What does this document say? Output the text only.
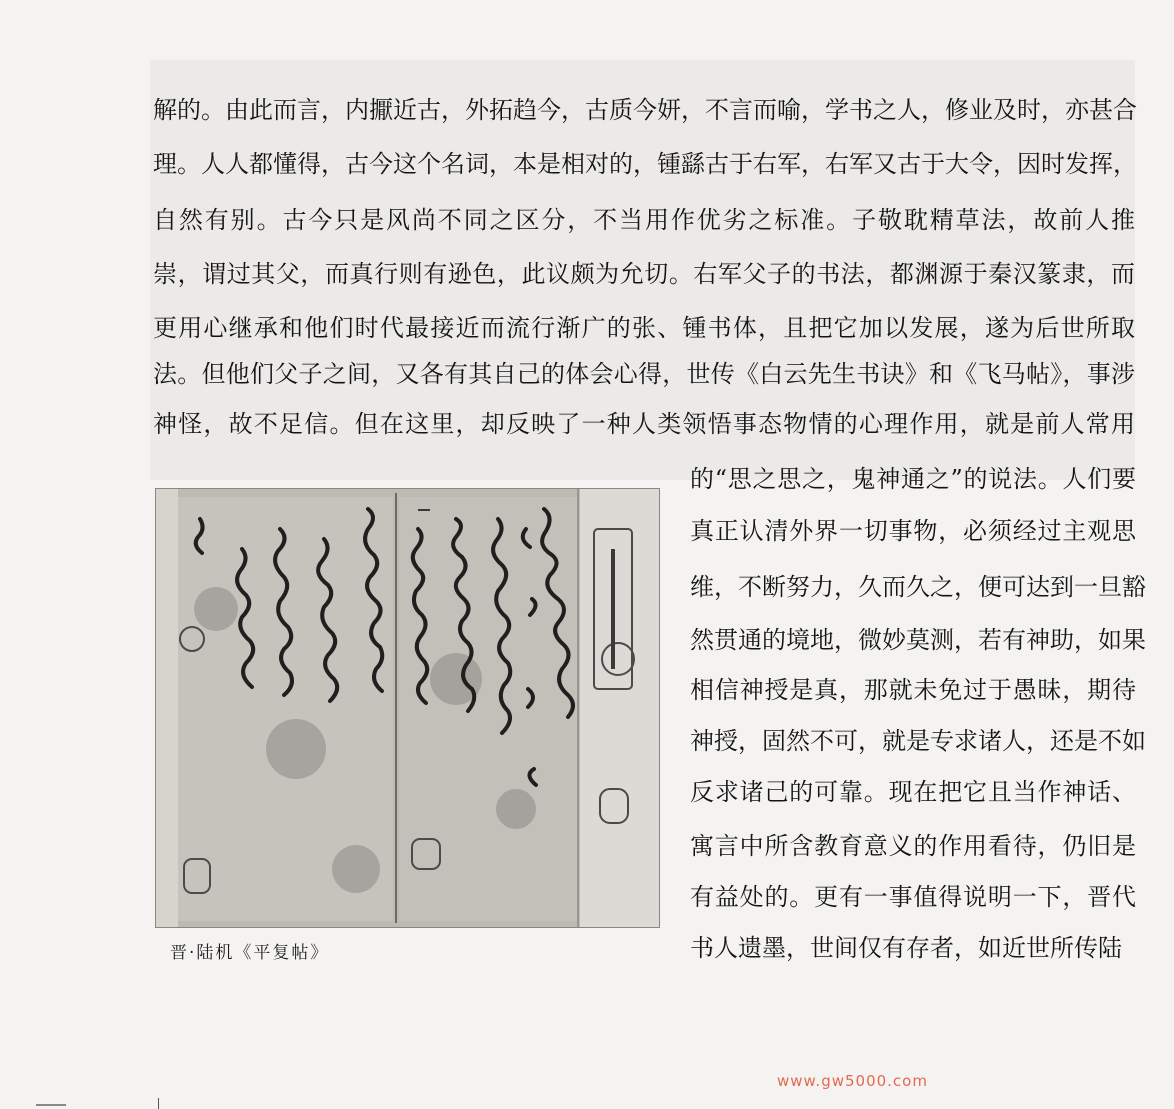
解的。由此而言，内擫近古，外拓趋今，古质今妍，不言而喻，学书之人，修业及时，亦甚合
理。人人都懂得，古今这个名词，本是相对的，锺繇古于右军，右军又古于大令，因时发挥，
自然有别。古今只是风尚不同之区分，不当用作优劣之标准。子敬耽精草法，故前人推
崇，谓过其父，而真行则有逊色，此议颇为允切。右军父子的书法，都渊源于秦汉篆隶，而
更用心继承和他们时代最接近而流行渐广的张、锺书体，且把它加以发展，遂为后世所取
法。但他们父子之间，又各有其自己的体会心得，世传《白云先生书诀》和《飞马帖》，事涉
神怪，故不足信。但在这里，却反映了一种人类领悟事态物情的心理作用，就是前人常用
的“思之思之，鬼神通之”的说法。人们要
真正认清外界一切事物，必须经过主观思
维，不断努力，久而久之，便可达到一旦豁
然贯通的境地，微妙莫测，若有神助，如果
相信神授是真，那就未免过于愚昧，期待
神授，固然不可，就是专求诸人，还是不如
反求诸己的可靠。现在把它且当作神话、
寓言中所含教育意义的作用看待，仍旧是
有益处的。更有一事值得说明一下，晋代
书人遗墨，世间仅有存者，如近世所传陆
晋·陆机《平复帖》
www.gw5000.com
